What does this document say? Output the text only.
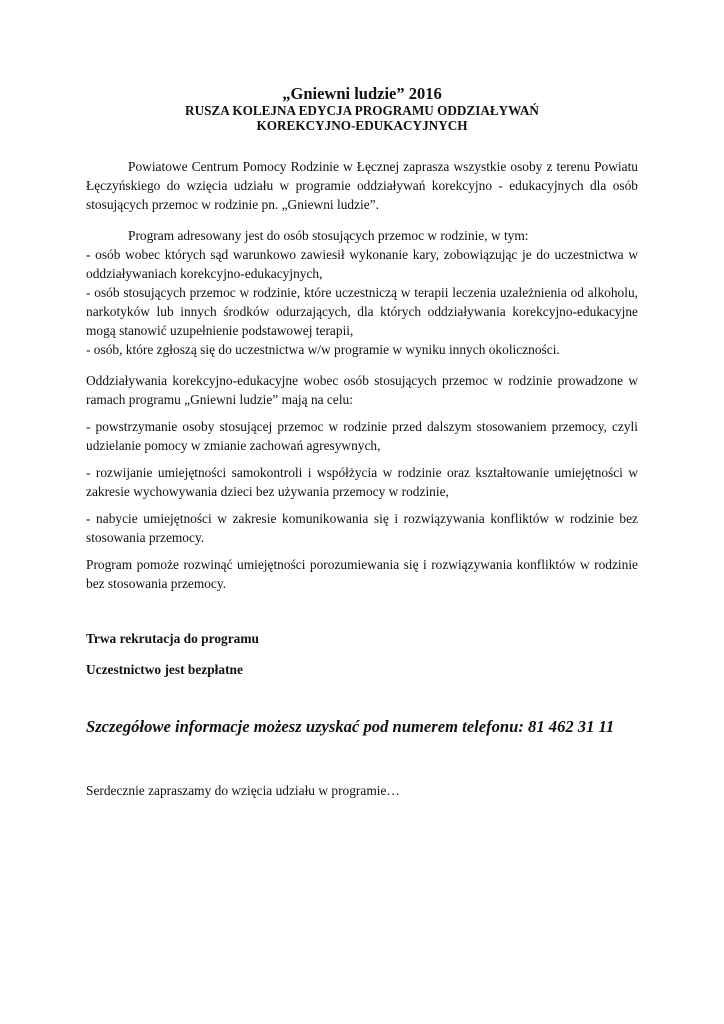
„Gniewni ludzie” 2016

RUSZA KOLEJNA EDYCJA PROGRAMU ODDZIAŁYWAŃ

KOREKCYJNO-EDUKACYJNYCH

Powiatowe Centrum Pomocy Rodzinie w Łęcznej zaprasza wszystkie osoby z terenu Powiatu Łęczyńskiego do wzięcia udziału w programie oddziaływań korekcyjno - edukacyjnych dla osób stosujących przemoc w rodzinie pn. „Gniewni ludzie”.

Program adresowany jest do osób stosujących przemoc w rodzinie, w tym:

- osób wobec których sąd warunkowo zawiesił wykonanie kary, zobowiązując je do uczestnictwa w oddziaływaniach korekcyjno-edukacyjnych,

- osób stosujących przemoc w rodzinie, które uczestniczą w terapii leczenia uzależnienia od alkoholu, narkotyków lub innych środków odurzających, dla których oddziaływania korekcyjno-edukacyjne mogą stanowić uzupełnienie podstawowej terapii,

- osób, które zgłoszą się do uczestnictwa w/w programie w wyniku innych okoliczności.

Oddziaływania korekcyjno-edukacyjne wobec osób stosujących przemoc w rodzinie prowadzone w ramach programu „Gniewni ludzie” mają na celu:

- powstrzymanie osoby stosującej przemoc w rodzinie przed dalszym stosowaniem przemocy, czyli udzielanie pomocy w zmianie zachowań agresywnych,

- rozwijanie umiejętności samokontroli i współżycia w rodzinie oraz kształtowanie umiejętności w zakresie wychowywania dzieci bez używania przemocy w rodzinie,

- nabycie umiejętności w zakresie komunikowania się i rozwiązywania konfliktów w rodzinie bez stosowania przemocy.

Program pomoże rozwinąć umiejętności porozumiewania się i rozwiązywania konfliktów w rodzinie bez stosowania przemocy.

Trwa rekrutacja do programu

Uczestnictwo jest bezpłatne

Szczegółowe informacje możesz uzyskać pod numerem telefonu: 81 462 31 11

Serdecznie zapraszamy do wzięcia udziału w programie…
